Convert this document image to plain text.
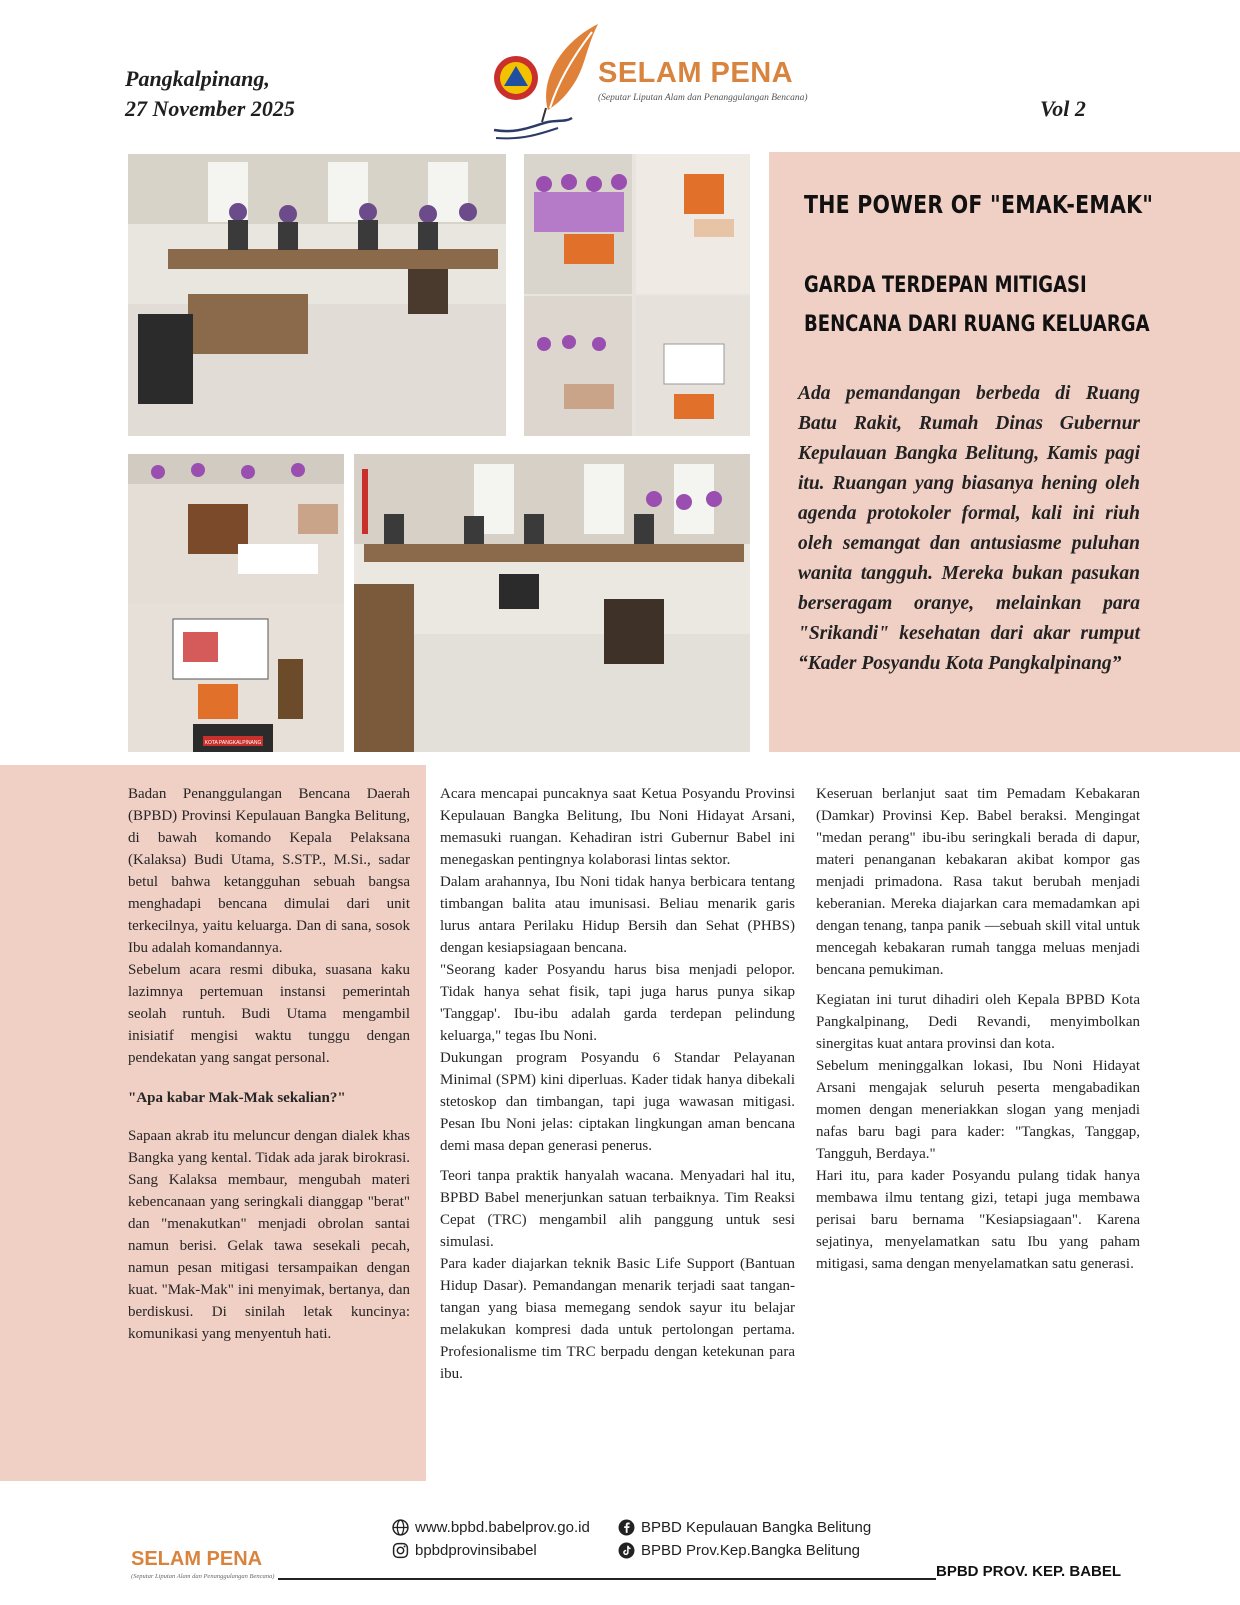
Pangkalpinang,
27 November 2025
SELAM PENA
(Seputar Liputan Alam dan Penanggulangan Bencana)	Vol 2
KOTA PANGKALPINANG
THE POWER OF "EMAK-EMAK"
GARDA TERDEPAN MITIGASI
BENCANA DARI RUANG KELUARGA
Ada pemandangan berbeda di Ruang Batu Rakit, Rumah Dinas Gubernur Kepulauan Bangka Belitung, Kamis pagi itu. Ruangan yang biasanya hening oleh agenda protokoler formal, kali ini riuh oleh semangat dan antusiasme puluhan wanita tangguh. Mereka bukan pasukan berseragam oranye, melainkan para "Srikandi" kesehatan dari akar rumput “Kader Posyandu Kota Pangkalpinang”

Badan Penanggulangan Bencana Daerah (BPBD) Provinsi Kepulauan Bangka Belitung, di bawah komando Kepala Pelaksana (Kalaksa) Budi Utama, S.STP., M.Si., sadar betul bahwa ketangguhan sebuah bangsa menghadapi bencana dimulai dari unit terkecilnya, yaitu keluarga. Dan di sana, sosok Ibu adalah komandannya.

Sebelum acara resmi dibuka, suasana kaku lazimnya pertemuan instansi pemerintah seolah runtuh. Budi Utama mengambil inisiatif mengisi waktu tunggu dengan pendekatan yang sangat personal.

"Apa kabar Mak-Mak sekalian?"

Sapaan akrab itu meluncur dengan dialek khas Bangka yang kental. Tidak ada jarak birokrasi. Sang Kalaksa membaur, mengubah materi kebencanaan yang seringkali dianggap "berat" dan "menakutkan" menjadi obrolan santai namun berisi. Gelak tawa sesekali pecah, namun pesan mitigasi tersampaikan dengan kuat. "Mak-Mak" ini menyimak, bertanya, dan berdiskusi. Di sinilah letak kuncinya: komunikasi yang menyentuh hati.

Acara mencapai puncaknya saat Ketua Posyandu Provinsi Kepulauan Bangka Belitung, Ibu Noni Hidayat Arsani, memasuki ruangan. Kehadiran istri Gubernur Babel ini menegaskan pentingnya kolaborasi lintas sektor.

Dalam arahannya, Ibu Noni tidak hanya berbicara tentang timbangan balita atau imunisasi. Beliau menarik garis lurus antara Perilaku Hidup Bersih dan Sehat (PHBS) dengan kesiapsiagaan bencana.

"Seorang kader Posyandu harus bisa menjadi pelopor. Tidak hanya sehat fisik, tapi juga harus punya sikap 'Tanggap'. Ibu-ibu adalah garda terdepan pelindung keluarga," tegas Ibu Noni.

Dukungan program Posyandu 6 Standar Pelayanan Minimal (SPM) kini diperluas. Kader tidak hanya dibekali stetoskop dan timbangan, tapi juga wawasan mitigasi. Pesan Ibu Noni jelas: ciptakan lingkungan aman bencana demi masa depan generasi penerus.

Teori tanpa praktik hanyalah wacana. Menyadari hal itu, BPBD Babel menerjunkan satuan terbaiknya. Tim Reaksi Cepat (TRC) mengambil alih panggung untuk sesi simulasi.

Para kader diajarkan teknik Basic Life Support (Bantuan Hidup Dasar). Pemandangan menarik terjadi saat tangan-tangan yang biasa memegang sendok sayur itu belajar melakukan kompresi dada untuk pertolongan pertama. Profesionalisme tim TRC berpadu dengan ketekunan para ibu.

Keseruan berlanjut saat tim Pemadam Kebakaran (Damkar) Provinsi Kep. Babel beraksi. Mengingat "medan perang" ibu-ibu seringkali berada di dapur, materi penanganan kebakaran akibat kompor gas menjadi primadona. Rasa takut berubah menjadi keberanian. Mereka diajarkan cara memadamkan api dengan tenang, tanpa panik —sebuah skill vital untuk mencegah kebakaran rumah tangga meluas menjadi bencana pemukiman.

Kegiatan ini turut dihadiri oleh Kepala BPBD Kota Pangkalpinang, Dedi Revandi, menyimbolkan sinergitas kuat antara provinsi dan kota.

Sebelum meninggalkan lokasi, Ibu Noni Hidayat Arsani mengajak seluruh peserta mengabadikan momen dengan meneriakkan slogan yang menjadi nafas baru bagi para kader: "Tangkas, Tanggap, Tangguh, Berdaya."

Hari itu, para kader Posyandu pulang tidak hanya membawa ilmu tentang gizi, tetapi juga membawa perisai baru bernama "Kesiapsiagaan". Karena sejatinya, menyelamatkan satu Ibu yang paham mitigasi, sama dengan menyelamatkan satu generasi.

www.bpbd.babelprov.go.id
bpbdprovinsibabel
BPBD Kepulauan Bangka Belitung
BPBD Prov.Kep.Bangka Belitung
SELAM PENA
(Seputar Liputan Alam dan Penanggulangan Bencana)	BPBD PROV. KEP. BABEL
